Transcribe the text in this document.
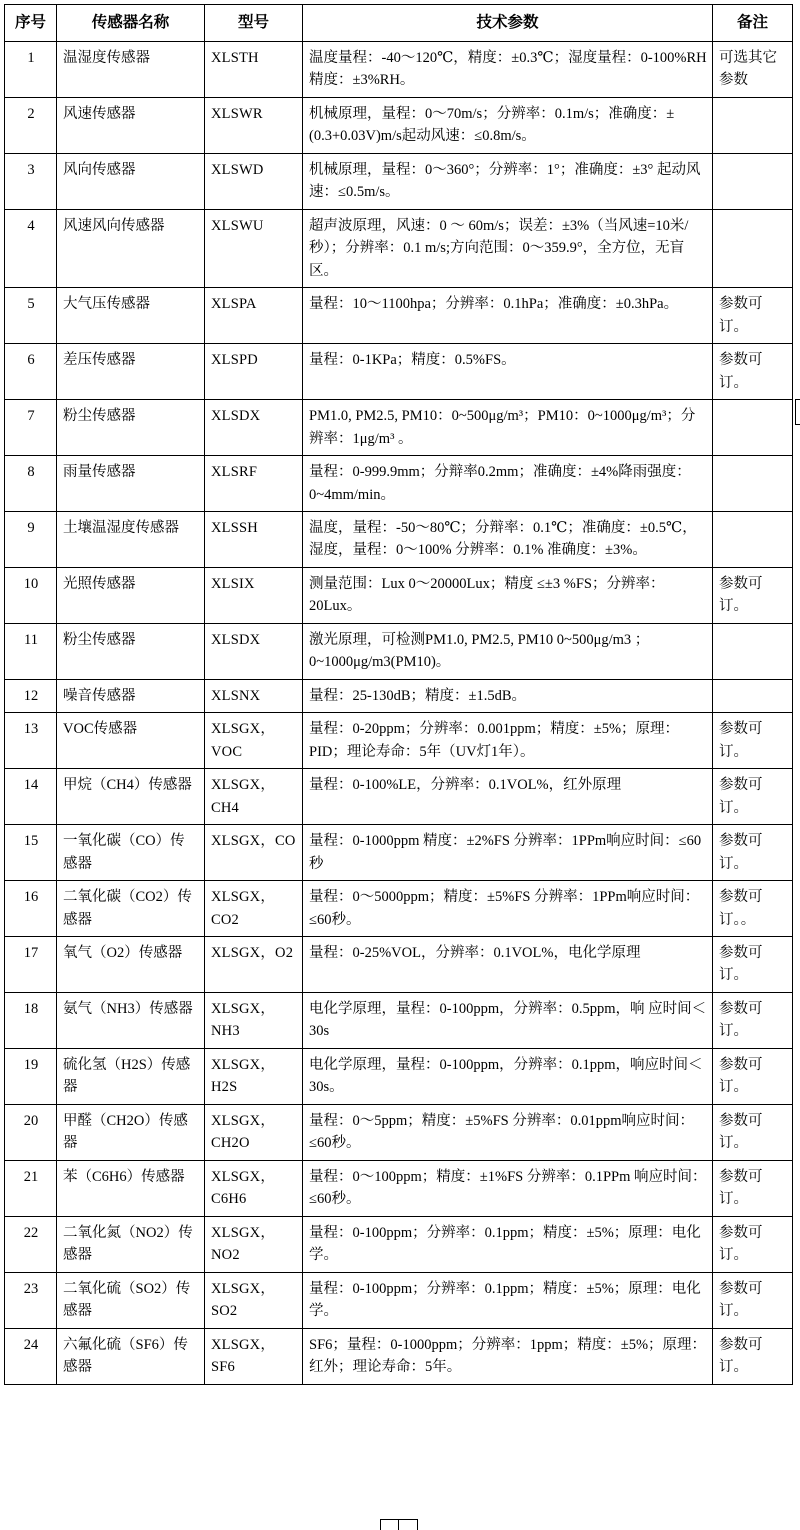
序号	传感器名称	型号	技术参数	备注
1	温湿度传感器	XLSTH	温度量程：-40～120℃，精度：±0.3℃；湿度量程：0-100%RH精度：±3%RH。	可选其它参数
2	风速传感器	XLSWR	机械原理，量程：0～70m/s；分辨率：0.1m/s；准确度：±(0.3+0.03V)m/s起动风速：≤0.8m/s。	
3	风向传感器	XLSWD	机械原理，量程：0～360°；分辨率：1°；准确度：±3° 起动风速：≤0.5m/s。	
4	风速风向传感器	XLSWU	超声波原理，风速：0 ～ 60m/s；误差：±3%（当风速=10米/秒）；分辨率：0.1 m/s;方向范围：0～359.9°，全方位，无盲区。	
5	大气压传感器	XLSPA	量程：10～1100hpa；分辨率：0.1hPa；准确度：±0.3hPa。	参数可订。
6	差压传感器	XLSPD	量程：0-1KPa；精度：0.5%FS。	参数可订。
7	粉尘传感器	XLSDX	PM1.0, PM2.5, PM10：0~500μg/m³；PM10：0~1000μg/m³；分辨率：1μg/m³ 。	
8	雨量传感器	XLSRF	量程：0-999.9mm；分辩率0.2mm；准确度：±4%降雨强度：0~4mm/min。	
9	土壤温湿度传感器	XLSSH	温度，量程：-50～80℃；分辩率：0.1℃；准确度：±0.5℃，湿度，量程：0～100% 分辨率：0.1% 准确度：±3%。	
10	光照传感器	XLSIX	测量范围：Lux 0～20000Lux；精度 ≤±3 %FS；分辨率： 20Lux。	参数可订。
11	粉尘传感器	XLSDX	激光原理，可检测PM1.0, PM2.5, PM10 0~500μg/m3 ；0~1000μg/m3(PM10)。	
12	噪音传感器	XLSNX	量程：25-130dB；精度：±1.5dB。	
13	VOC传感器	XLSGX，VOC	量程：0-20ppm；分辨率：0.001ppm；精度：±5%；原理：PID；理论寿命：5年（UV灯1年）。	参数可订。
14	甲烷（CH4）传感器	XLSGX，CH4	量程：0-100%LE，分辨率：0.1VOL%，红外原理	参数可订。
15	一氧化碳（CO）传感器	XLSGX，CO	量程：0-1000ppm 精度：±2%FS 分辨率：1PPm响应时间：≤60秒	参数可订。
16	二氧化碳（CO2）传感器	XLSGX，CO2	量程：0～5000ppm；精度：±5%FS 分辨率：1PPm响应时间：≤60秒。	参数可订。。
17	氧气（O2）传感器	XLSGX，O2	量程：0-25%VOL，分辨率：0.1VOL%，电化学原理	参数可订。
18	氨气（NH3）传感器	XLSGX，NH3	电化学原理，量程：0-100ppm，分辨率：0.5ppm，响 应时间＜30s	参数可订。
19	硫化氢（H2S）传感器	XLSGX，H2S	电化学原理，量程：0-100ppm，分辨率：0.1ppm，响应时间＜30s。	参数可订。
20	甲醛（CH2O）传感器	XLSGX，CH2O	量程：0～5ppm；精度：±5%FS 分辨率：0.01ppm响应时间：≤60秒。	参数可订。
21	苯（C6H6）传感器	XLSGX，C6H6	量程：0～100ppm；精度：±1%FS 分辨率：0.1PPm 响应时间：≤60秒。	参数可订。
22	二氧化氮（NO2）传感器	XLSGX，NO2	量程：0-100ppm；分辨率：0.1ppm；精度：±5%；原理：电化学。	参数可订。
23	二氧化硫（SO2）传感器	XLSGX，SO2	量程：0-100ppm；分辨率：0.1ppm；精度：±5%；原理：电化学。	参数可订。
24	六氟化硫（SF6）传感器	XLSGX，SF6	SF6；量程：0-1000ppm；分辨率：1ppm；精度：±5%；原理：红外；理论寿命：5年。	参数可订。
